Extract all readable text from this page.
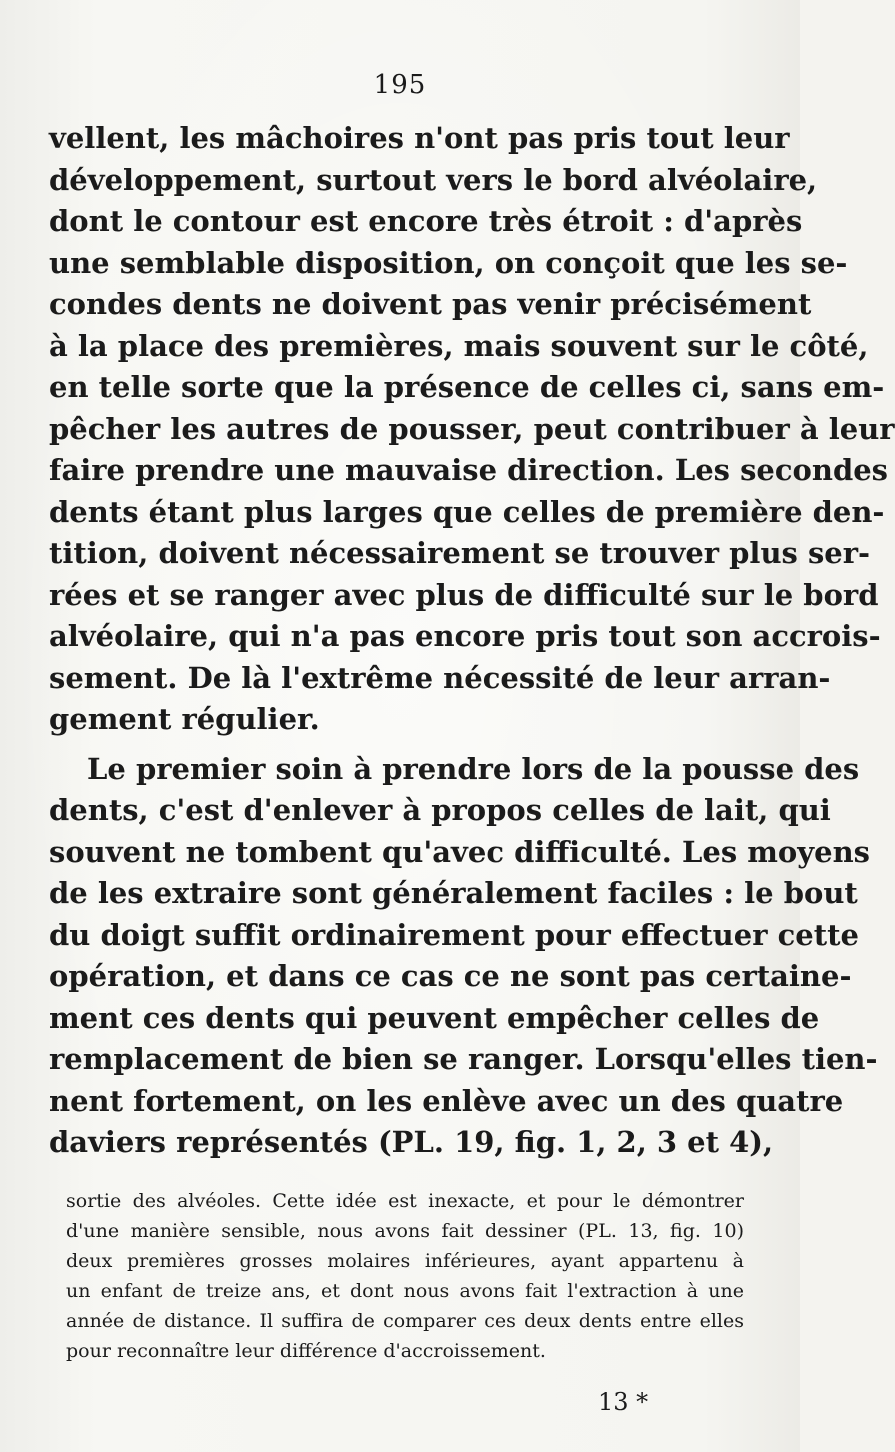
195
vellent, les mâchoires n'ont pas pris tout leur
développement, surtout vers le bord alvéolaire,
dont le contour est encore très étroit : d'après
une semblable disposition, on conçoit que les se-
condes dents ne doivent pas venir précisément
à la place des premières, mais souvent sur le côté,
en telle sorte que la présence de celles ci, sans em-
pêcher les autres de pousser, peut contribuer à leur
faire prendre une mauvaise direction. Les secondes
dents étant plus larges que celles de première den-
tition, doivent nécessairement se trouver plus ser-
rées et se ranger avec plus de difficulté sur le bord
alvéolaire, qui n'a pas encore pris tout son accrois-
sement. De là l'extrême nécessité de leur arran-
gement régulier.
Le premier soin à prendre lors de la pousse des
dents, c'est d'enlever à propos celles de lait, qui
souvent ne tombent qu'avec difficulté. Les moyens
de les extraire sont généralement faciles : le bout
du doigt suffit ordinairement pour effectuer cette
opération, et dans ce cas ce ne sont pas certaine-
ment ces dents qui peuvent empêcher celles de
remplacement de bien se ranger. Lorsqu'elles tien-
nent fortement, on les enlève avec un des quatre
daviers représentés (PL. 19, fig. 1, 2, 3 et 4),
sortie des alvéoles. Cette idée est inexacte, et pour le démontrer
d'une manière sensible, nous avons fait dessiner (PL. 13, fig. 10)
deux premières grosses molaires inférieures, ayant appartenu à
un enfant de treize ans, et dont nous avons fait l'extraction à une
année de distance. Il suffira de comparer ces deux dents entre elles
pour reconnaître leur différence d'accroissement.
13 *
